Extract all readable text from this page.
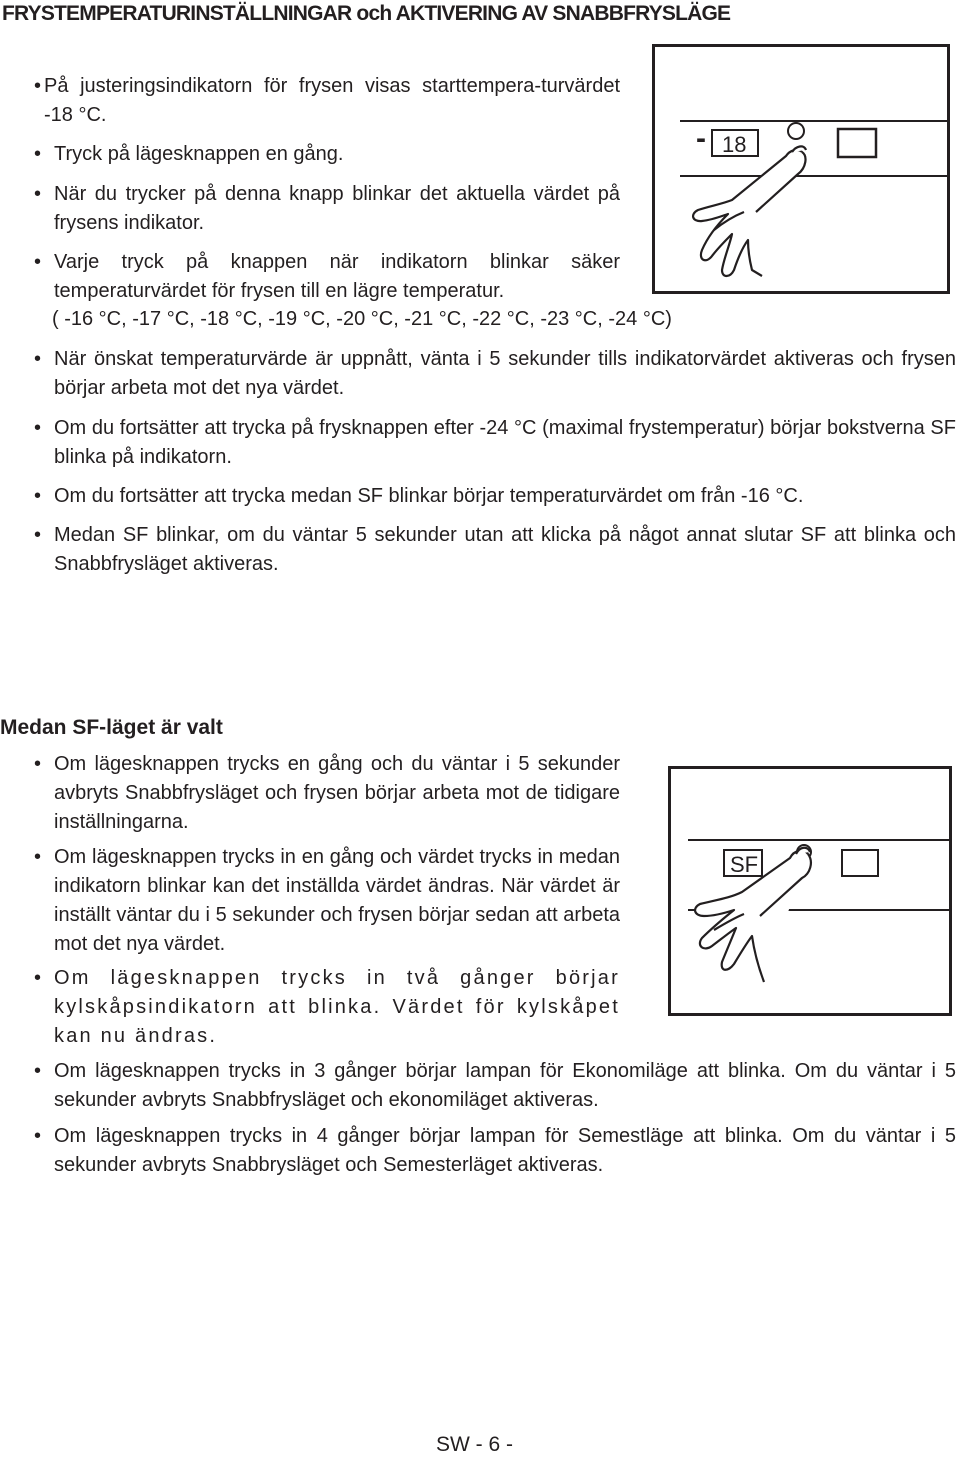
FRYSTEMPERATURINSTÄLLNINGAR och AKTIVERING AV SNABBFRYSLÄGE
• På justeringsindikatorn för frysen visas starttempera-turvärdet -18 °C.
• Tryck på lägesknappen en gång.
• När du trycker på denna knapp blinkar det aktuella värdet på frysens indikator.
• Varje tryck på knappen när indikatorn blinkar säker temperaturvärdet för frysen till en lägre temperatur.
( -16 °C, -17 °C, -18 °C, -19 °C, -20 °C, -21 °C, -22 °C, -23 °C, -24 °C)
• När önskat temperaturvärde är uppnått, vänta i 5 sekunder tills indikatorvärdet aktiveras och frysen börjar arbeta mot det nya värdet.
• Om du fortsätter att trycka på frysknappen efter -24 °C (maximal frystemperatur) börjar bokstverna SF blinka på indikatorn.
• Om du fortsätter att trycka medan SF blinkar börjar temperaturvärdet om från -16 °C.
• Medan SF blinkar, om du väntar 5 sekunder utan att klicka på något annat slutar SF att blinka och Snabbfrysläget aktiveras.
- 18
Medan SF-läget är valt
• Om lägesknappen trycks en gång och du väntar i 5 sekunder avbryts Snabbfrysläget och frysen börjar arbeta mot de tidigare inställningarna.
• Om lägesknappen trycks in en gång och värdet trycks in medan indikatorn blinkar kan det inställda värdet ändras. När värdet är inställt väntar du i 5 sekunder och frysen börjar sedan att arbeta mot det nya värdet.
• Om lägesknappen trycks in två gånger börjar kylskåpsindikatorn att blinka. Värdet för kylskåpet kan nu ändras.
• Om lägesknappen trycks in 3 gånger börjar lampan för Ekonomiläge att blinka. Om du väntar i 5 sekunder avbryts Snabbfrysläget och ekonomiläget aktiveras.
• Om lägesknappen trycks in 4 gånger börjar lampan för Semestläge att blinka. Om du väntar i 5 sekunder avbryts Snabbrysläget och Semesterläget aktiveras.
SF
SW - 6 -
